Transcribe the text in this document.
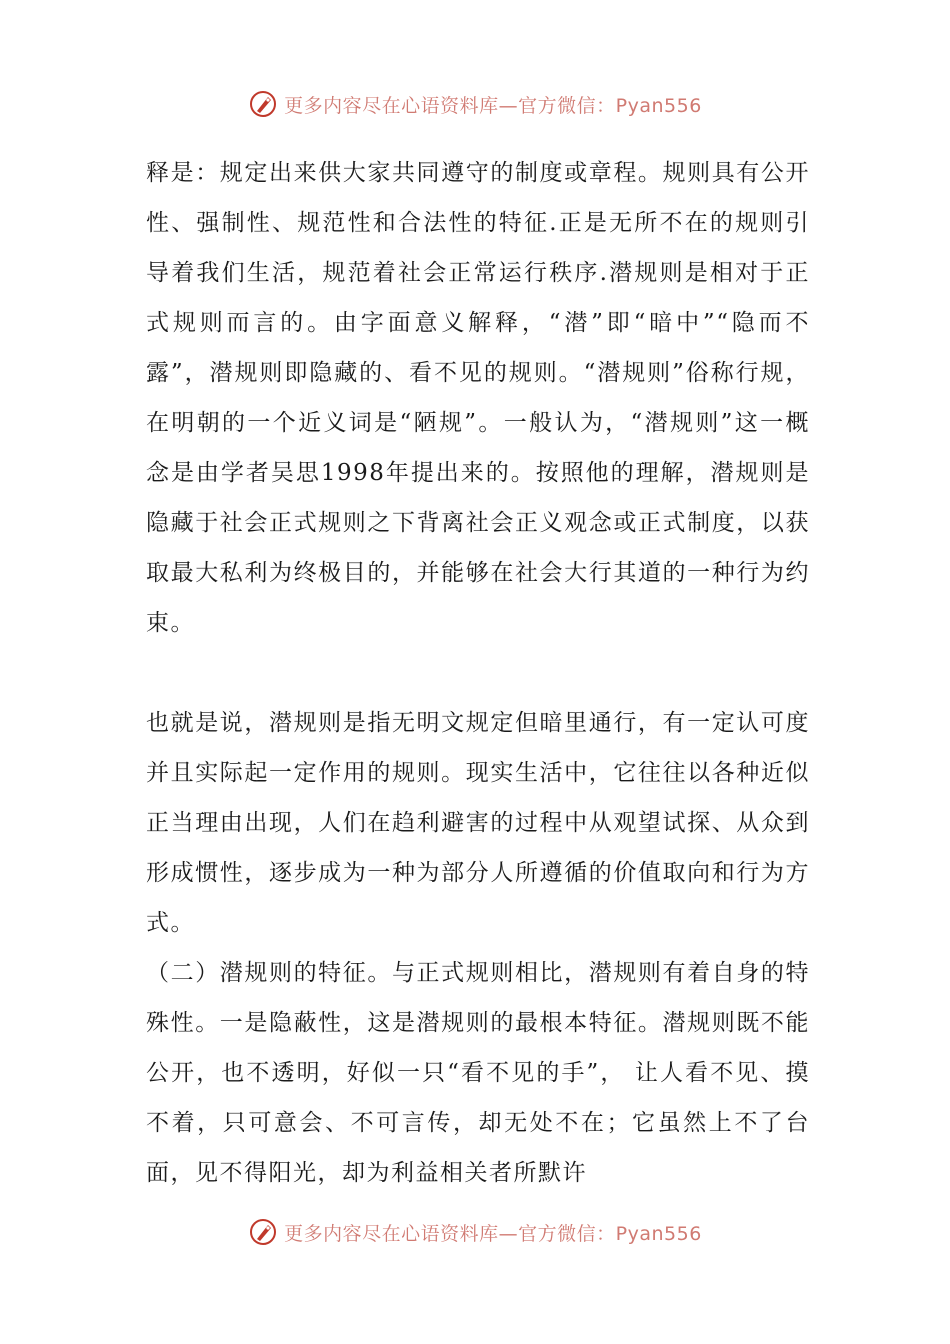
更多内容尽在心语资料库—官方微信：Pyan556

释是：规定出来供大家共同遵守的制度或章程。规则具有公开性、强制性、规范性和合法性的特征.正是无所不在的规则引导着我们生活，规范着社会正常运行秩序.潜规则是相对于正式规则而言的。由字面意义解释，“潜”即“暗中”“隐而不露”，潜规则即隐藏的、看不见的规则。“潜规则”俗称行规，在明朝的一个近义词是“陋规”。一般认为，“潜规则”这一概念是由学者吴思1998年提出来的。按照他的理解，潜规则是隐藏于社会正式规则之下背离社会正义观念或正式制度，以获取最大私利为终极目的，并能够在社会大行其道的一种行为约束。

也就是说，潜规则是指无明文规定但暗里通行，有一定认可度并且实际起一定作用的规则。现实生活中，它往往以各种近似正当理由出现，人们在趋利避害的过程中从观望试探、从众到形成惯性，逐步成为一种为部分人所遵循的价值取向和行为方式。

（二）潜规则的特征。与正式规则相比，潜规则有着自身的特殊性。一是隐蔽性，这是潜规则的最根本特征。潜规则既不能公开，也不透明，好似一只“看不见的手”， 让人看不见、摸不着，只可意会、不可言传，却无处不在；它虽然上不了台面，见不得阳光，却为利益相关者所默许

更多内容尽在心语资料库—官方微信：Pyan556
